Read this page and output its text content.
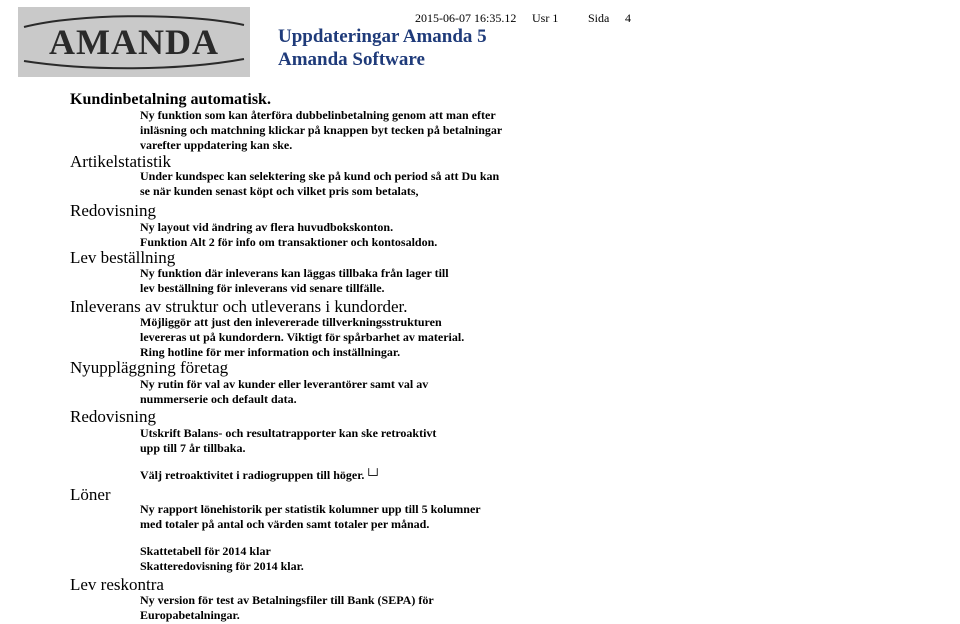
AMANDA
2015-06-07 16:35.12 Usr 1 Sida 4
Uppdateringar Amanda 5
Amanda Software
Kundinbetalning automatisk.
Ny funktion som kan återföra dubbelinbetalning genom att man efter
inläsning och matchning klickar på knappen byt tecken på betalningar
varefter uppdatering kan ske.
Artikelstatistik
Under kundspec kan selektering ske på kund och period så att Du kan
se när kunden senast köpt och vilket pris som betalats,
Redovisning
Ny layout vid ändring av flera huvudbokskonton.
Funktion Alt 2 för info om transaktioner och kontosaldon.
Lev beställning
Ny funktion där inleverans kan läggas tillbaka från lager till
lev beställning för inleverans vid senare tillfälle.
Inleverans av struktur och utleverans i kundorder.
Möjliggör att just den inlevererade tillverkningsstrukturen
levereras ut på kundordern. Viktigt för spårbarhet av material.
Ring hotline för mer information och inställningar.
Nyuppläggning företag
Ny rutin för val av kunder eller leverantörer samt val av
nummerserie och default data.
Redovisning
Utskrift Balans- och resultatrapporter kan ske retroaktivt
upp till 7 år tillbaka.
Välj retroaktivitet i radiogruppen till höger.└┘
Löner
Ny rapport lönehistorik per statistik kolumner upp till 5 kolumner
med totaler på antal och värden samt totaler per månad.
Skattetabell för 2014 klar
Skatteredovisning för 2014 klar.
Lev reskontra
Ny version för test av Betalningsfiler till Bank (SEPA) för
Europabetalningar.
